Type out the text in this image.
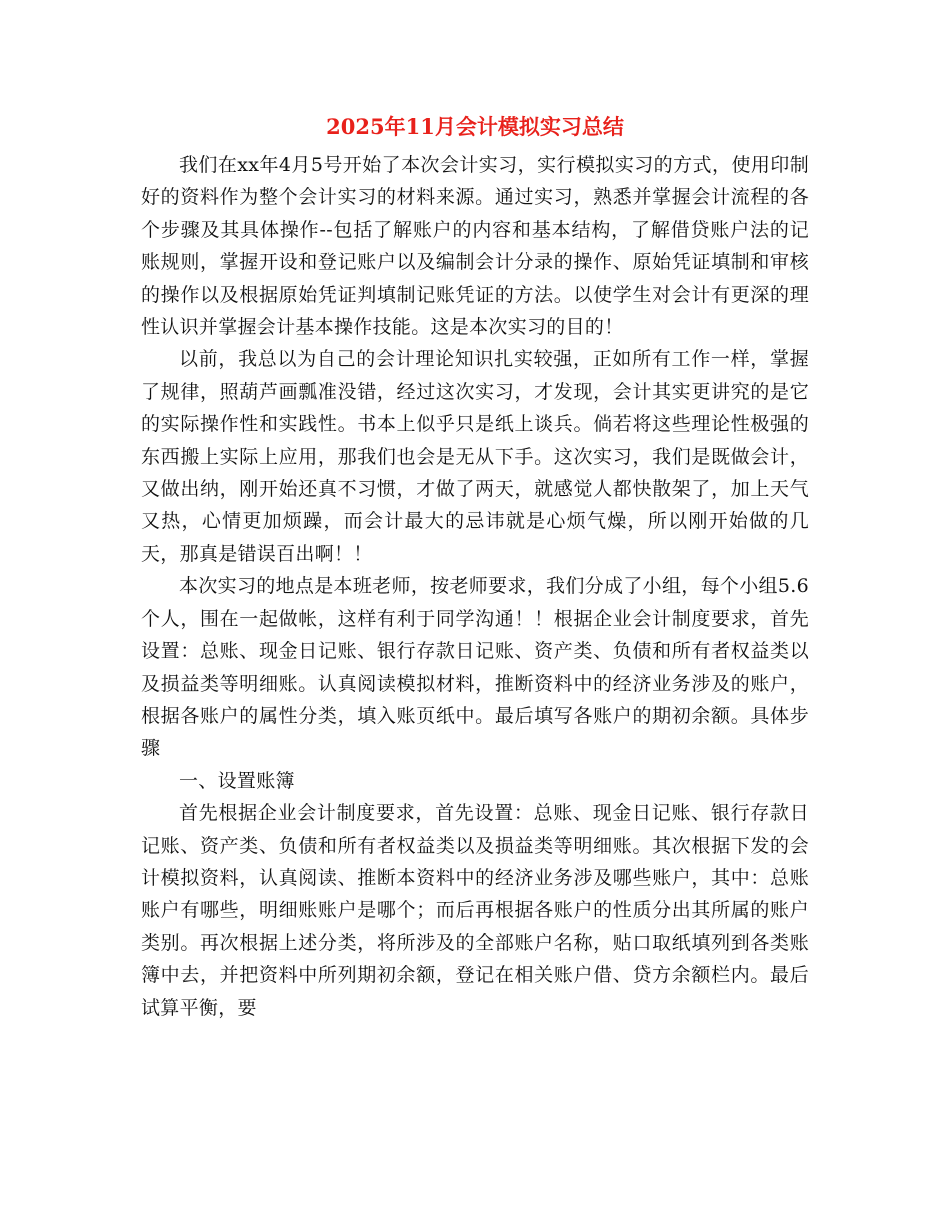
2025年11月会计模拟实习总结

我们在xx年4月5号开始了本次会计实习，实行模拟实习的方式，使用印制好的资料作为整个会计实习的材料来源。通过实习，熟悉并掌握会计流程的各个步骤及其具体操作--包括了解账户的内容和基本结构，了解借贷账户法的记账规则，掌握开设和登记账户以及编制会计分录的操作、原始凭证填制和审核的操作以及根据原始凭证判填制记账凭证的方法。以使学生对会计有更深的理性认识并掌握会计基本操作技能。这是本次实习的目的！

以前，我总以为自己的会计理论知识扎实较强，正如所有工作一样，掌握了规律，照葫芦画瓢准没错，经过这次实习，才发现，会计其实更讲究的是它的实际操作性和实践性。书本上似乎只是纸上谈兵。倘若将这些理论性极强的东西搬上实际上应用，那我们也会是无从下手。这次实习，我们是既做会计，又做出纳，刚开始还真不习惯，才做了两天，就感觉人都快散架了，加上天气又热，心情更加烦躁，而会计最大的忌讳就是心烦气燥，所以刚开始做的几天，那真是错误百出啊！！

本次实习的地点是本班老师，按老师要求，我们分成了小组，每个小组5.6个人，围在一起做帐，这样有利于同学沟通！！根据企业会计制度要求，首先设置：总账、现金日记账、银行存款日记账、资产类、负债和所有者权益类以及损益类等明细账。认真阅读模拟材料，推断资料中的经济业务涉及的账户，根据各账户的属性分类，填入账页纸中。最后填写各账户的期初余额。具体步骤

一、设置账簿

首先根据企业会计制度要求，首先设置：总账、现金日记账、银行存款日记账、资产类、负债和所有者权益类以及损益类等明细账。其次根据下发的会计模拟资料，认真阅读、推断本资料中的经济业务涉及哪些账户，其中：总账账户有哪些，明细账账户是哪个；而后再根据各账户的性质分出其所属的账户类别。再次根据上述分类，将所涉及的全部账户名称，贴口取纸填列到各类账簿中去，并把资料中所列期初余额，登记在相关账户借、贷方余额栏内。最后试算平衡，要
